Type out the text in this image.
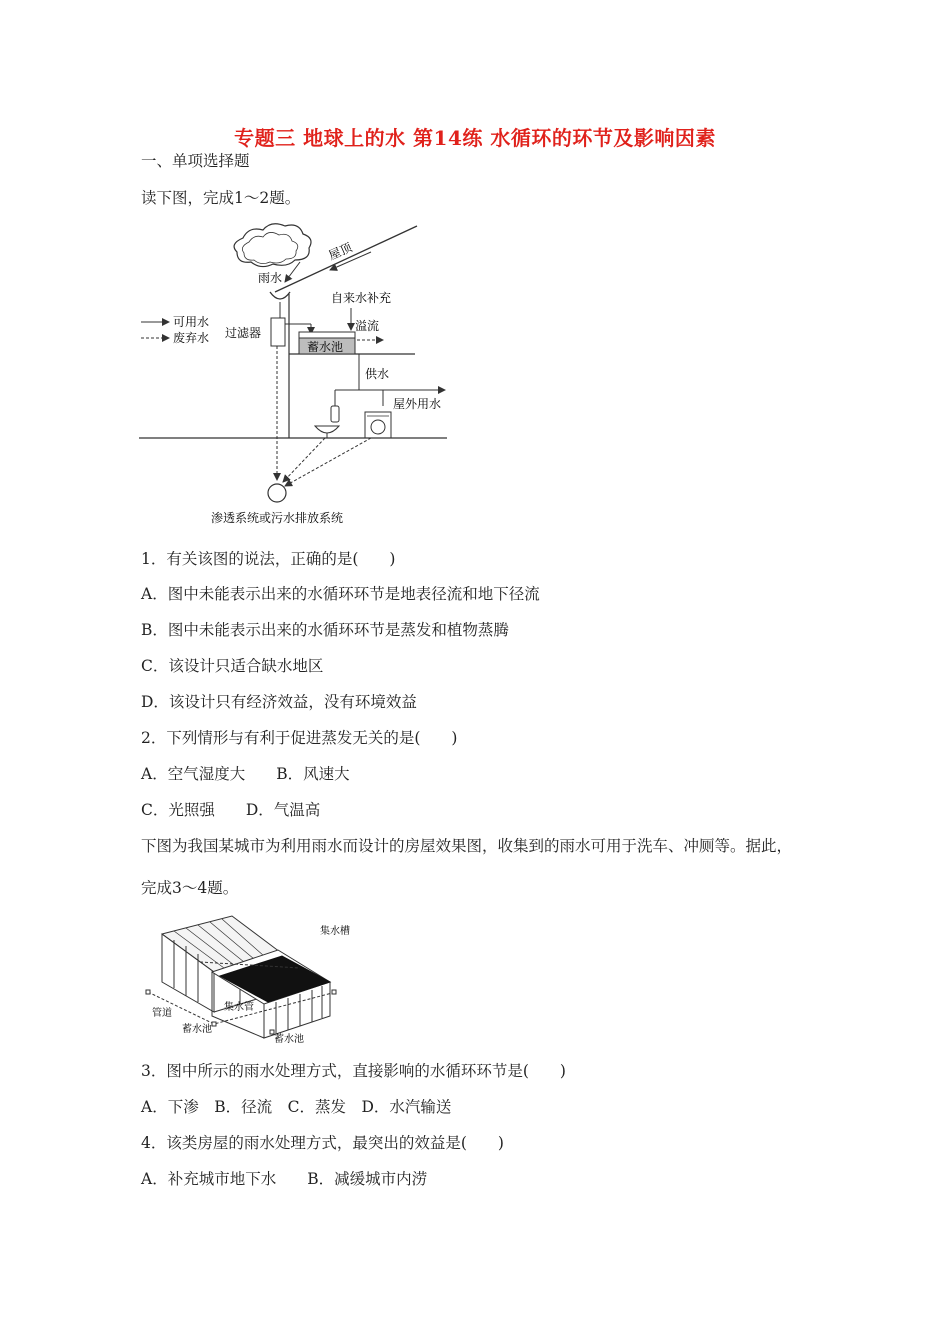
专题三 地球上的水 第14练 水循环的环节及影响因素
一、单项选择题
读下图，完成1～2题。
屋顶
雨水
过滤器
自来水补充
蓄水池
溢流
可用水
废弃水
供水
屋外用水
渗透系统或污水排放系统
1．有关该图的说法，正确的是(　　)
A．图中未能表示出来的水循环环节是地表径流和地下径流
B．图中未能表示出来的水循环环节是蒸发和植物蒸腾
C．该设计只适合缺水地区
D．该设计只有经济效益，没有环境效益
2．下列情形与有利于促进蒸发无关的是(　　)
A．空气湿度大　　B．风速大
C．光照强　　D．气温高
下图为我国某城市为利用雨水而设计的房屋效果图，收集到的雨水可用于洗车、冲厕等。据此，
完成3～4题。
集水槽
集水管
管道
蓄水池
蓄水池
3．图中所示的雨水处理方式，直接影响的水循环环节是(　　)
A．下渗　B．径流　C．蒸发　D．水汽输送
4．该类房屋的雨水处理方式，最突出的效益是(　　)
A．补充城市地下水　　B．减缓城市内涝
